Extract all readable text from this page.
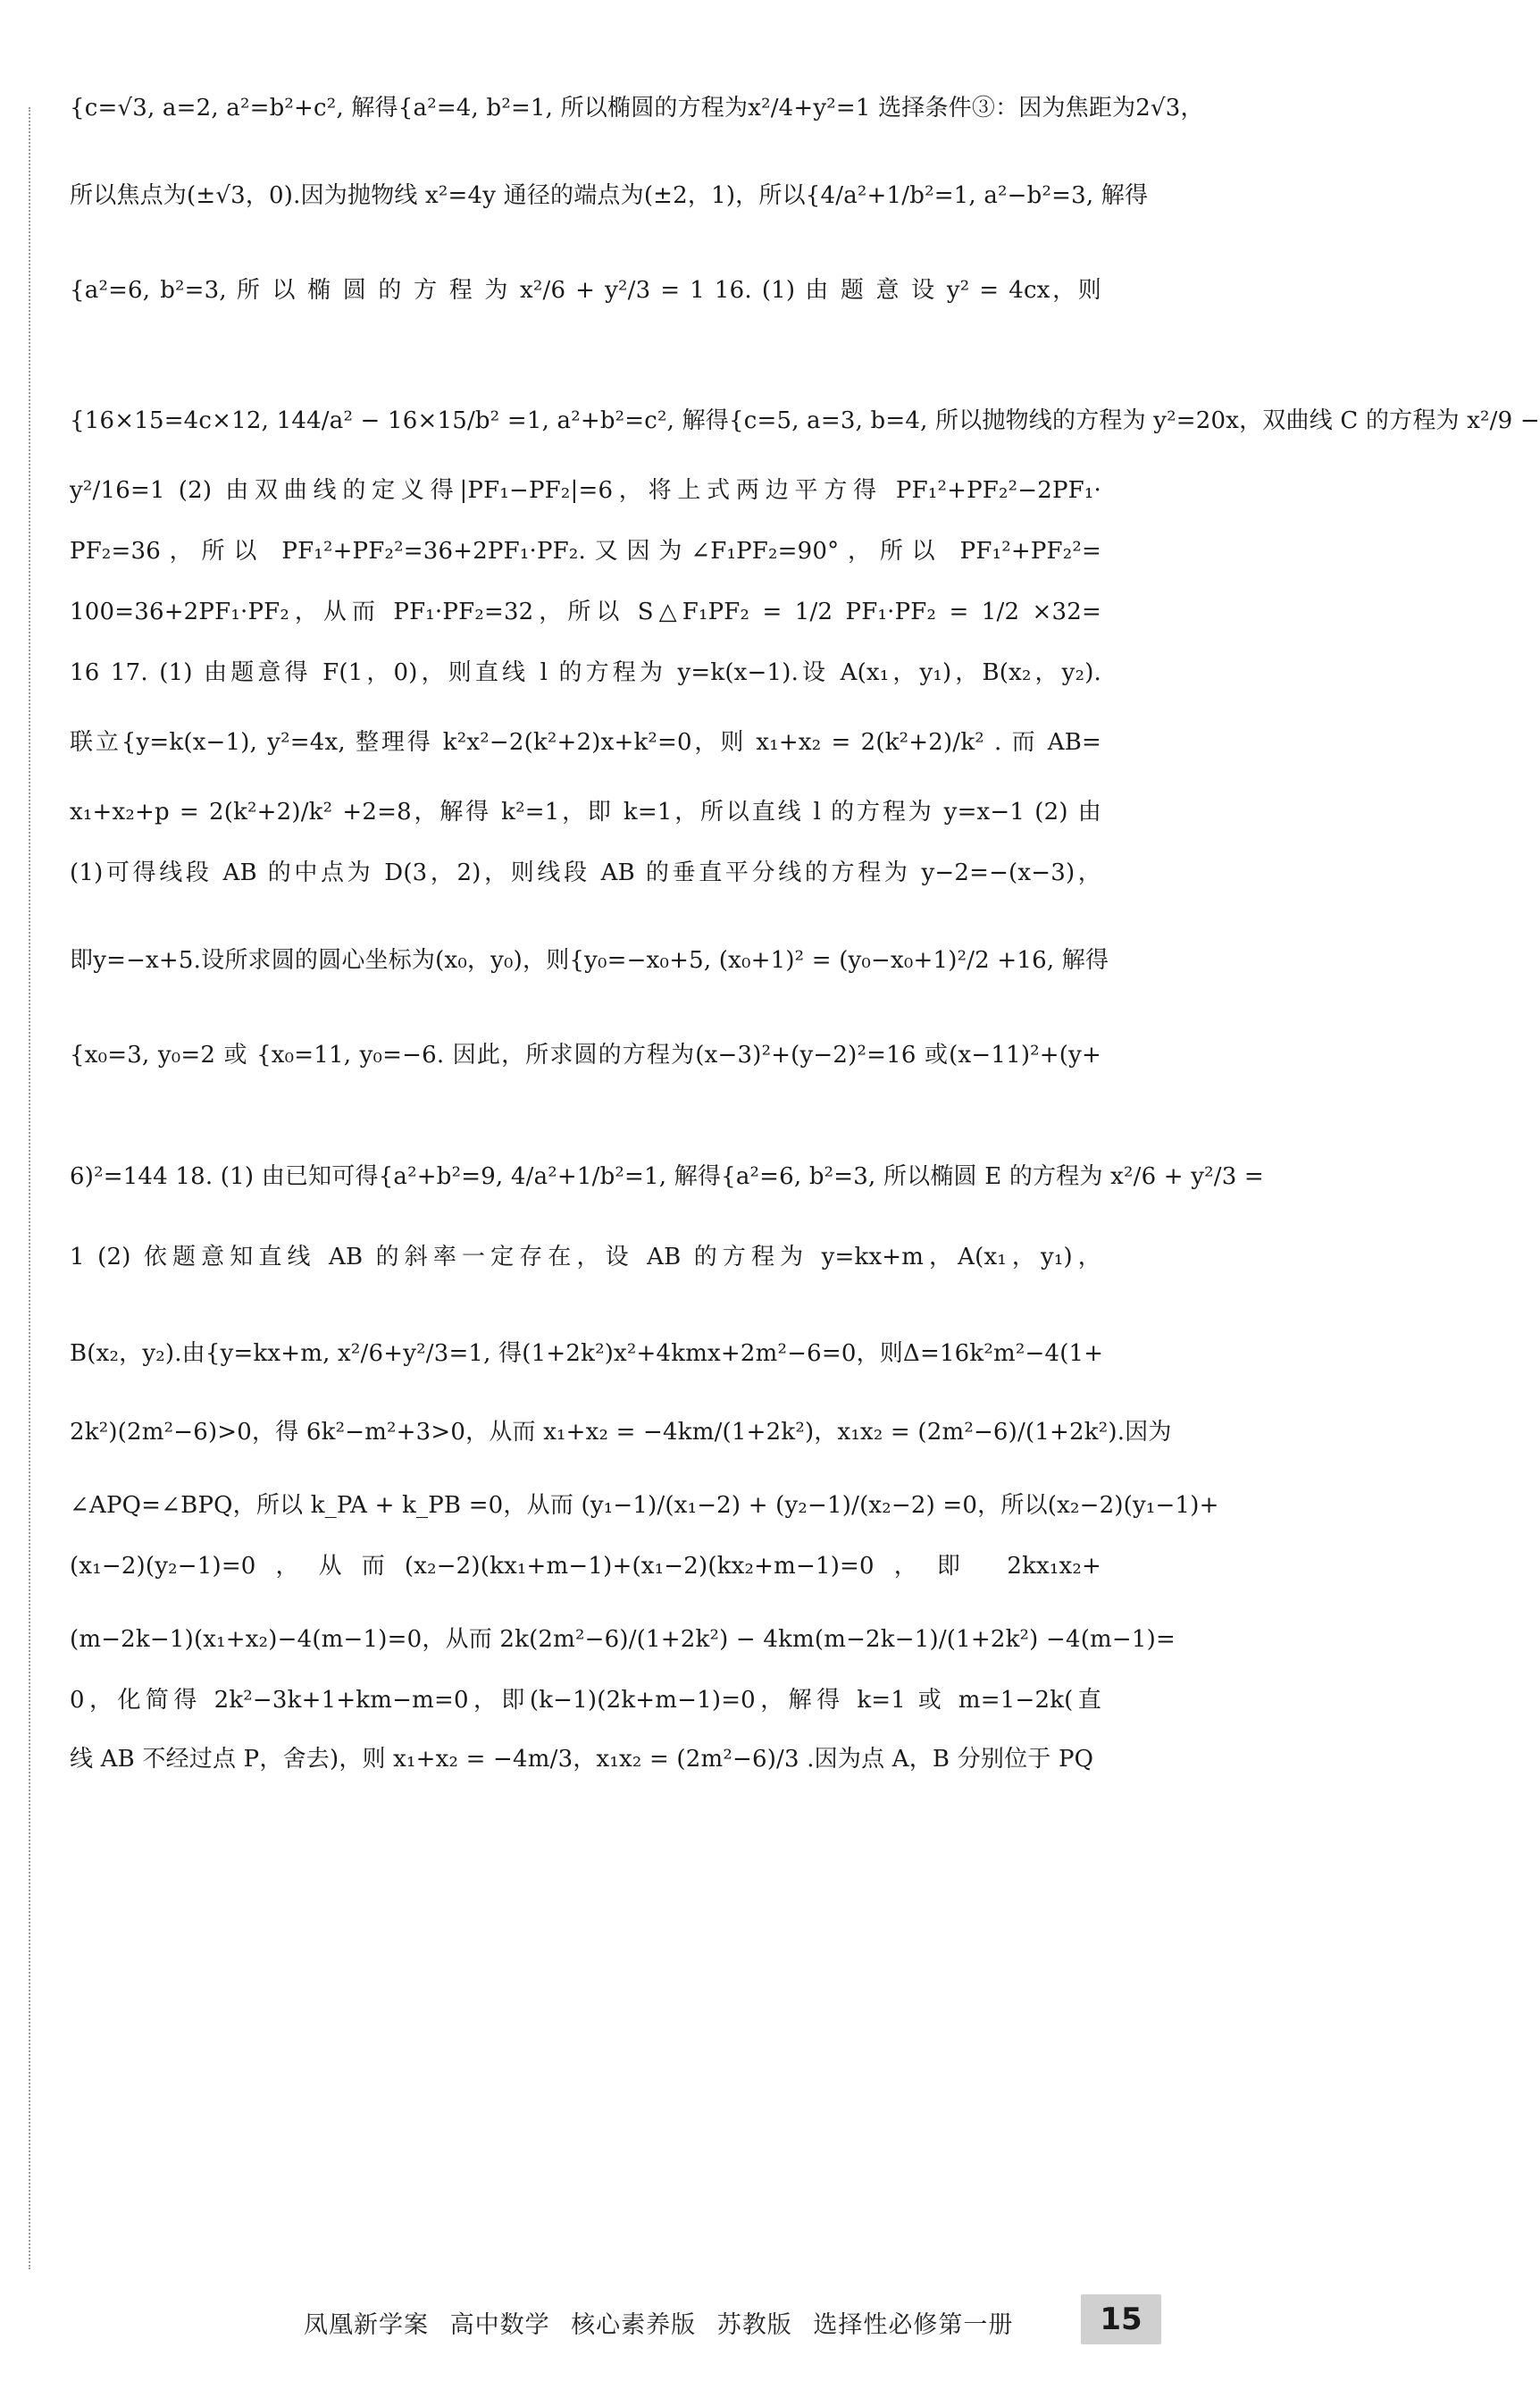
{c=√3, a=2, a²=b²+c², 解得{a²=4, b²=1, 所以椭圆的方程为x²/4+y²=1 选择条件③：因为焦距为2√3，
所以焦点为(±√3，0).因为抛物线 x²=4y 通径的端点为(±2，1)，所以{4/a²+1/b²=1, a²−b²=3, 解得
{a²=6, b²=3, 所 以 椭 圆 的 方 程 为 x²/6 + y²/3 = 1 16. (1) 由 题 意 设 y² = 4cx，则
{16×15=4c×12, 144/a² − 16×15/b² =1, a²+b²=c², 解得{c=5, a=3, b=4, 所以抛物线的方程为 y²=20x，双曲线 C 的方程为 x²/9 −
y²/16=1 (2) 由双曲线的定义得|PF₁−PF₂|=6，将上式两边平方得 PF₁²+PF₂²−2PF₁·
PF₂=36，所以 PF₁²+PF₂²=36+2PF₁·PF₂.又因为∠F₁PF₂=90°，所以 PF₁²+PF₂²=
100=36+2PF₁·PF₂，从而 PF₁·PF₂=32，所以 S△F₁PF₂ = 1/2 PF₁·PF₂ = 1/2 ×32=
16 17. (1) 由题意得 F(1，0)，则直线 l 的方程为 y=k(x−1).设 A(x₁，y₁)，B(x₂，y₂).
联立{y=k(x−1), y²=4x, 整理得 k²x²−2(k²+2)x+k²=0，则 x₁+x₂ = 2(k²+2)/k² . 而 AB=
x₁+x₂+p = 2(k²+2)/k² +2=8，解得 k²=1，即 k=1，所以直线 l 的方程为 y=x−1 (2) 由
(1)可得线段 AB 的中点为 D(3，2)，则线段 AB 的垂直平分线的方程为 y−2=−(x−3)，
即y=−x+5.设所求圆的圆心坐标为(x₀，y₀)，则{y₀=−x₀+5, (x₀+1)² = (y₀−x₀+1)²/2 +16, 解得
{x₀=3, y₀=2 或 {x₀=11, y₀=−6. 因此，所求圆的方程为(x−3)²+(y−2)²=16 或(x−11)²+(y+
6)²=144 18. (1) 由已知可得{a²+b²=9, 4/a²+1/b²=1, 解得{a²=6, b²=3, 所以椭圆 E 的方程为 x²/6 + y²/3 =
1 (2) 依题意知直线 AB 的斜率一定存在，设 AB 的方程为 y=kx+m，A(x₁，y₁)，
B(x₂，y₂).由{y=kx+m, x²/6+y²/3=1, 得(1+2k²)x²+4kmx+2m²−6=0，则Δ=16k²m²−4(1+
2k²)(2m²−6)>0，得 6k²−m²+3>0，从而 x₁+x₂ = −4km/(1+2k²)，x₁x₂ = (2m²−6)/(1+2k²).因为
∠APQ=∠BPQ，所以 k_PA + k_PB =0，从而 (y₁−1)/(x₁−2) + (y₂−1)/(x₂−2) =0，所以(x₂−2)(y₁−1)+
(x₁−2)(y₂−1)=0，从而(x₂−2)(kx₁+m−1)+(x₁−2)(kx₂+m−1)=0，即 2kx₁x₂+
(m−2k−1)(x₁+x₂)−4(m−1)=0，从而 2k(2m²−6)/(1+2k²) − 4km(m−2k−1)/(1+2k²) −4(m−1)=
0，化简得 2k²−3k+1+km−m=0，即(k−1)(2k+m−1)=0，解得 k=1 或 m=1−2k(直
线 AB 不经过点 P，舍去)，则 x₁+x₂ = −4m/3，x₁x₂ = (2m²−6)/3 .因为点 A，B 分别位于 PQ

凤凰新学案 高中数学 核心素养版 苏教版 选择性必修第一册	15
